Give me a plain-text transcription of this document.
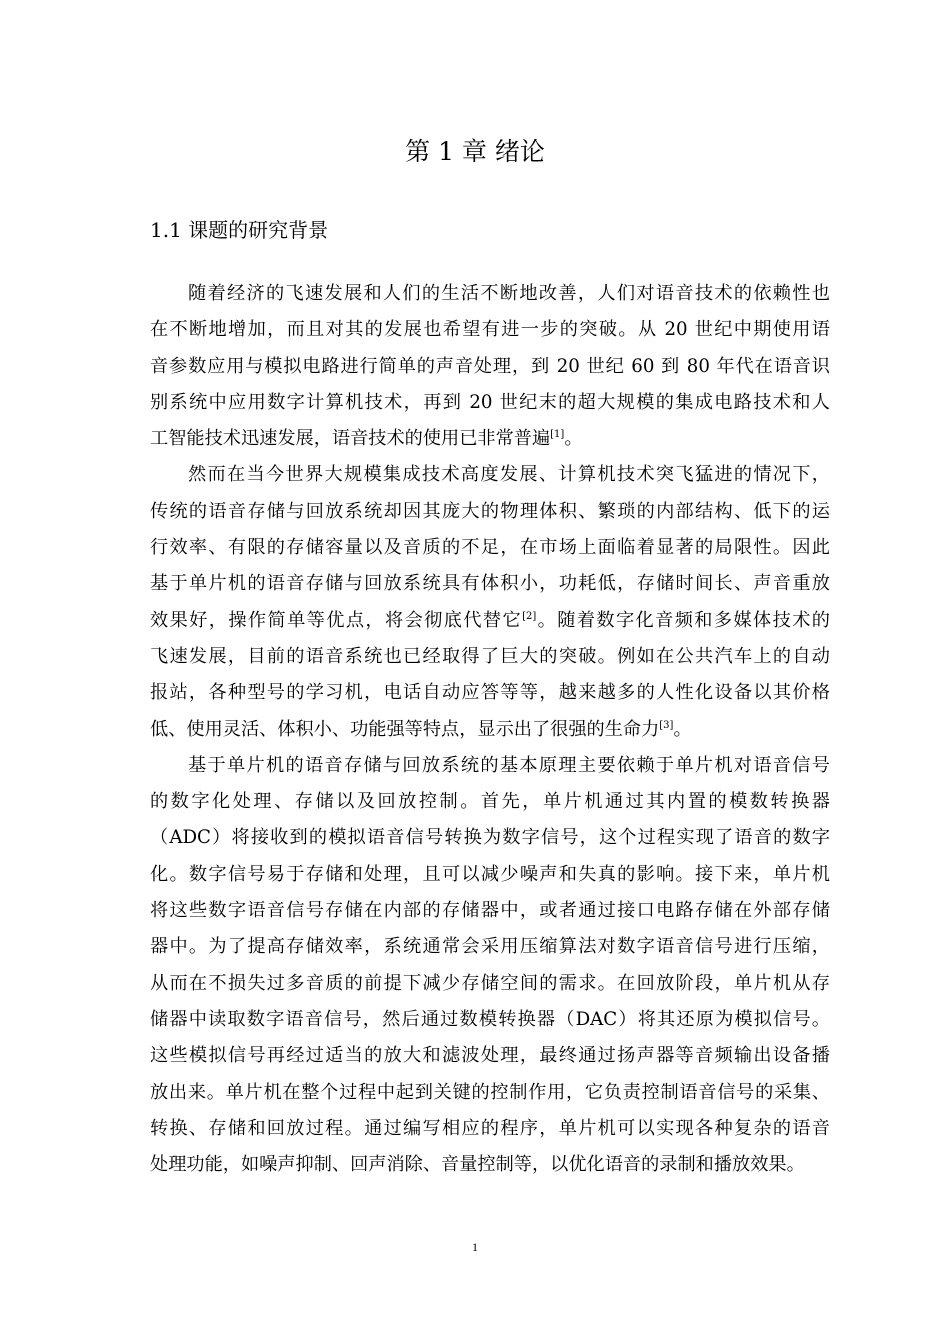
第 1 章 绪论
1.1 课题的研究背景
随着经济的飞速发展和人们的生活不断地改善，人们对语音技术的依赖性也
在不断地增加，而且对其的发展也希望有进一步的突破。从 20 世纪中期使用语
音参数应用与模拟电路进行简单的声音处理，到 20 世纪 60 到 80 年代在语音识
别系统中应用数字计算机技术，再到 20 世纪末的超大规模的集成电路技术和人
工智能技术迅速发展，语音技术的使用已非常普遍[1]。
然而在当今世界大规模集成技术高度发展、计算机技术突飞猛进的情况下，
传统的语音存储与回放系统却因其庞大的物理体积、繁琐的内部结构、低下的运
行效率、有限的存储容量以及音质的不足，在市场上面临着显著的局限性。因此
基于单片机的语音存储与回放系统具有体积小，功耗低，存储时间长、声音重放
效果好，操作简单等优点，将会彻底代替它[2]。随着数字化音频和多媒体技术的
飞速发展，目前的语音系统也已经取得了巨大的突破。例如在公共汽车上的自动
报站，各种型号的学习机，电话自动应答等等，越来越多的人性化设备以其价格
低、使用灵活、体积小、功能强等特点，显示出了很强的生命力[3]。
基于单片机的语音存储与回放系统的基本原理主要依赖于单片机对语音信号
的数字化处理、存储以及回放控制。首先，单片机通过其内置的模数转换器
（ADC）将接收到的模拟语音信号转换为数字信号，这个过程实现了语音的数字
化。数字信号易于存储和处理，且可以减少噪声和失真的影响。接下来，单片机
将这些数字语音信号存储在内部的存储器中，或者通过接口电路存储在外部存储
器中。为了提高存储效率，系统通常会采用压缩算法对数字语音信号进行压缩，
从而在不损失过多音质的前提下减少存储空间的需求。在回放阶段，单片机从存
储器中读取数字语音信号，然后通过数模转换器（DAC）将其还原为模拟信号。
这些模拟信号再经过适当的放大和滤波处理，最终通过扬声器等音频输出设备播
放出来。单片机在整个过程中起到关键的控制作用，它负责控制语音信号的采集、
转换、存储和回放过程。通过编写相应的程序，单片机可以实现各种复杂的语音
处理功能，如噪声抑制、回声消除、音量控制等，以优化语音的录制和播放效果。
1
